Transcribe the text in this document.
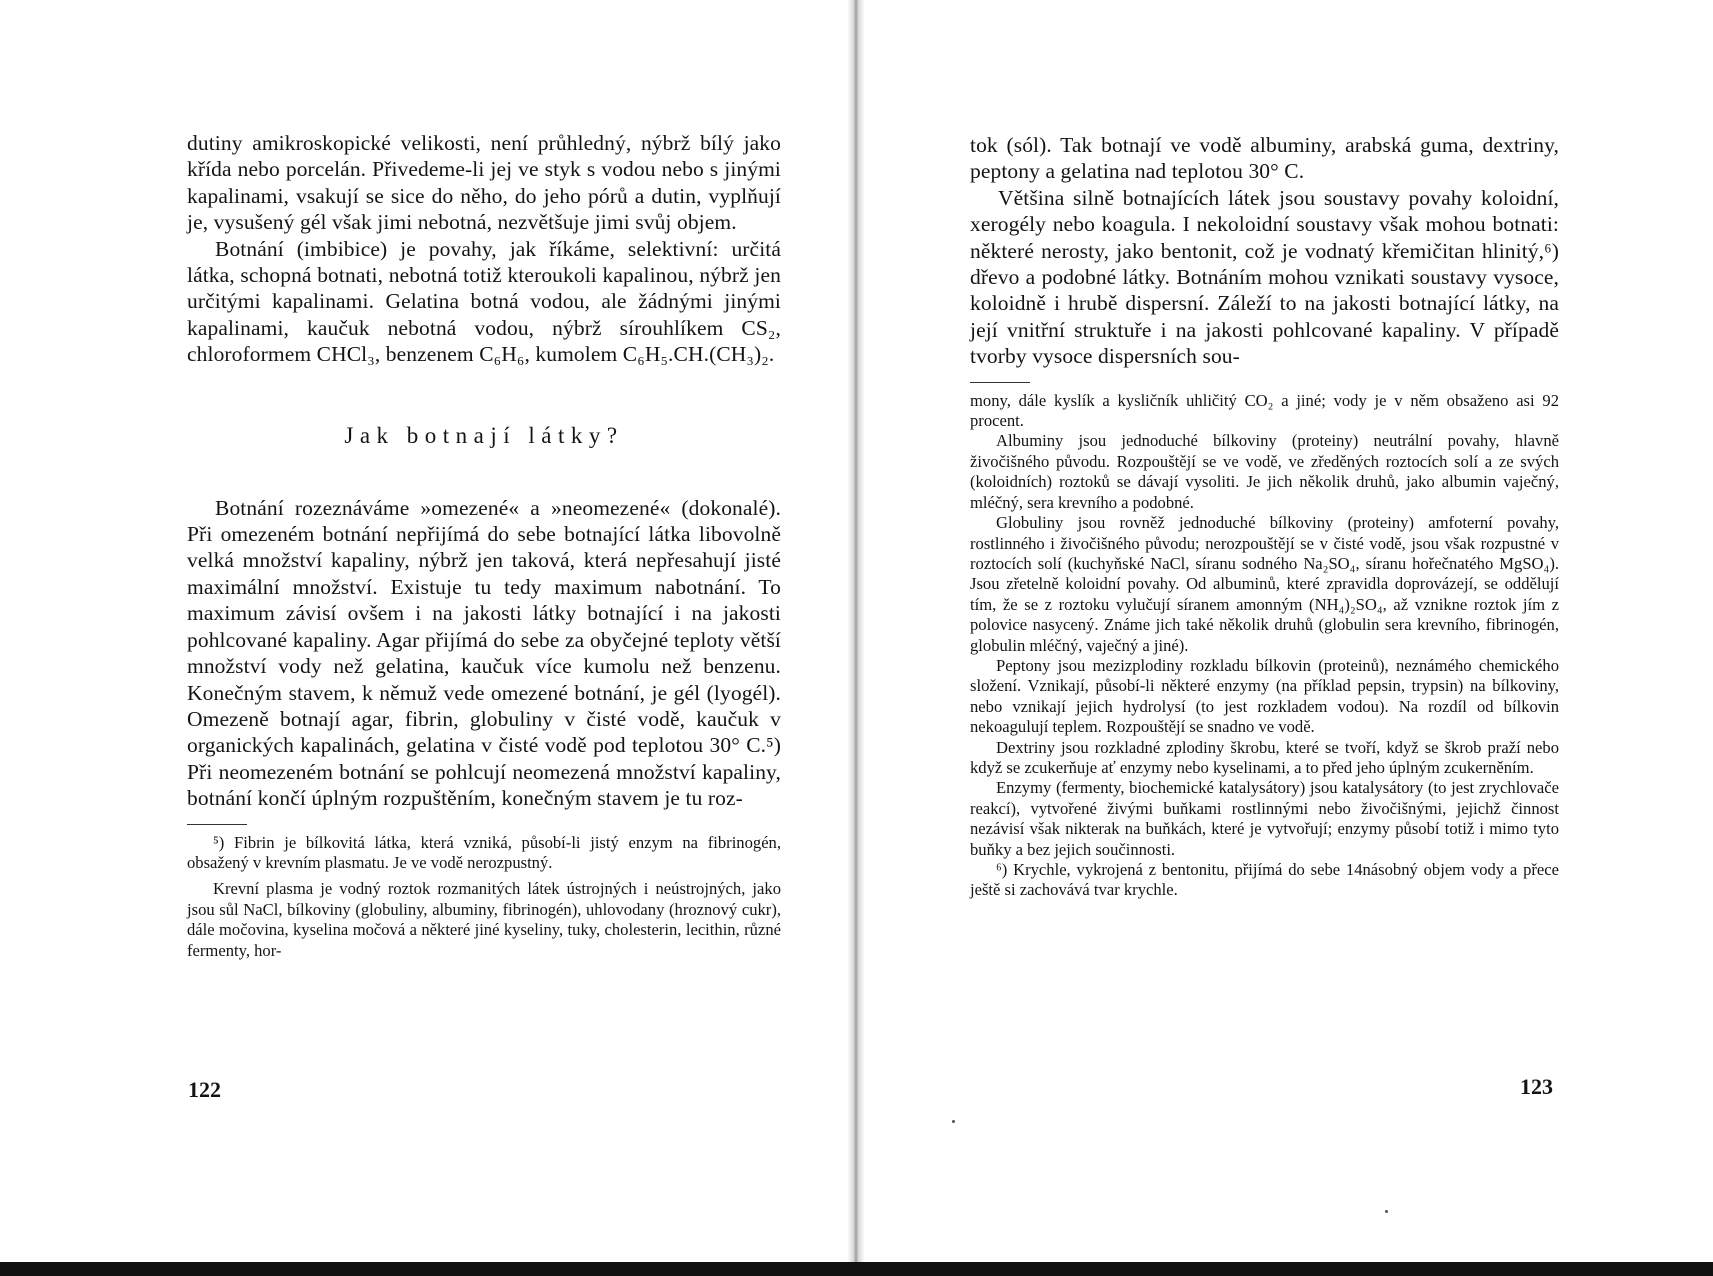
dutiny amikroskopické velikosti, není průhledný, nýbrž bílý jako křída nebo porcelán. Přivedeme-li jej ve styk s vodou nebo s jinými kapalinami, vsakují se sice do něho, do jeho pórů a dutin, vyplňují je, vysušený gél však jimi nebotná, nezvětšuje jimi svůj objem.

Botnání (imbibice) je povahy, jak říkáme, selektivní: určitá látka, schopná botnati, nebotná totiž kteroukoli kapalinou, nýbrž jen určitými kapalinami. Gelatina botná vodou, ale žádnými jinými kapalinami, kaučuk nebotná vodou, nýbrž sírouhlíkem CS₂, chloroformem CHCl₃, benzenem C₆H₆, kumolem C₆H₅.CH.(CH₃)₂.

Jak botnají látky?

Botnání rozeznáváme »omezené« a »neomezené« (dokonalé). Při omezeném botnání nepřijímá do sebe botnající látka libovolně velká množství kapaliny, nýbrž jen taková, která nepřesahují jisté maximální množství. Existuje tu tedy maximum nabotnání. To maximum závisí ovšem i na jakosti látky botnající i na jakosti pohlcované kapaliny. Agar přijímá do sebe za obyčejné teploty větší množství vody než gelatina, kaučuk více kumolu než benzenu. Konečným stavem, k němuž vede omezené botnání, je gél (lyogél). Omezeně botnají agar, fibrin, globuliny v čisté vodě, kaučuk v organických kapalinách, gelatina v čisté vodě pod teplotou 30° C.⁵) Při neomezeném botnání se pohlcují neomezená množství kapaliny, botnání končí úplným rozpuštěním, konečným stavem je tu roz-

⁵) Fibrin je bílkovitá látka, která vzniká, působí-li jistý enzym na fibrinogén, obsažený v krevním plasmatu. Je ve vodě nerozpustný.

Krevní plasma je vodný roztok rozmanitých látek ústrojných i neústrojných, jako jsou sůl NaCl, bílkoviny (globuliny, albuminy, fibrinogén), uhlovodany (hroznový cukr), dále močovina, kyselina močová a některé jiné kyseliny, tuky, cholesterin, lecithin, různé fermenty, hor-

122

tok (sól). Tak botnají ve vodě albuminy, arabská guma, dextriny, peptony a gelatina nad teplotou 30° C.

Většina silně botnajících látek jsou soustavy povahy koloidní, xerogély nebo koagula. I nekoloidní soustavy však mohou botnati: některé nerosty, jako bentonit, což je vodnatý křemičitan hlinitý,⁶) dřevo a podobné látky. Botnáním mohou vznikati soustavy vysoce, koloidně i hrubě dispersní. Záleží to na jakosti botnající látky, na její vnitřní struktuře i na jakosti pohlcované kapaliny. V případě tvorby vysoce dispersních sou-

mony, dále kyslík a kysličník uhličitý CO₂ a jiné; vody je v něm obsaženo asi 92 procent.

Albuminy jsou jednoduché bílkoviny (proteiny) neutrální povahy, hlavně živočišného původu. Rozpouštějí se ve vodě, ve zředěných roztocích solí a ze svých (koloidních) roztoků se dávají vysoliti. Je jich několik druhů, jako albumin vaječný, mléčný, sera krevního a podobné.

Globuliny jsou rovněž jednoduché bílkoviny (proteiny) amfoterní povahy, rostlinného i živočišného původu; nerozpouštějí se v čisté vodě, jsou však rozpustné v roztocích solí (kuchyňské NaCl, síranu sodného Na₂SO₄, síranu hořečnatého MgSO₄). Jsou zřetelně koloidní povahy. Od albuminů, které zpravidla doprovázejí, se oddělují tím, že se z roztoku vylučují síranem amonným (NH₄)₂SO₄, až vznikne roztok jím z polovice nasycený. Známe jich také několik druhů (globulin sera krevního, fibrinogén, globulin mléčný, vaječný a jiné).

Peptony jsou mezizplodiny rozkladu bílkovin (proteinů), neznámého chemického složení. Vznikají, působí-li některé enzymy (na příklad pepsin, trypsin) na bílkoviny, nebo vznikají jejich hydrolysí (to jest rozkladem vodou). Na rozdíl od bílkovin nekoagulují teplem. Rozpouštějí se snadno ve vodě.

Dextriny jsou rozkladné zplodiny škrobu, které se tvoří, když se škrob praží nebo když se zcukerňuje ať enzymy nebo kyselinami, a to před jeho úplným zcukerněním.

Enzymy (fermenty, biochemické katalysátory) jsou katalysátory (to jest zrychlovače reakcí), vytvořené živými buňkami rostlinnými nebo živočišnými, jejichž činnost nezávisí však nikterak na buňkách, které je vytvořují; enzymy působí totiž i mimo tyto buňky a bez jejich součinnosti.

⁶) Krychle, vykrojená z bentonitu, přijímá do sebe 14násobný objem vody a přece ještě si zachovává tvar krychle.

123
